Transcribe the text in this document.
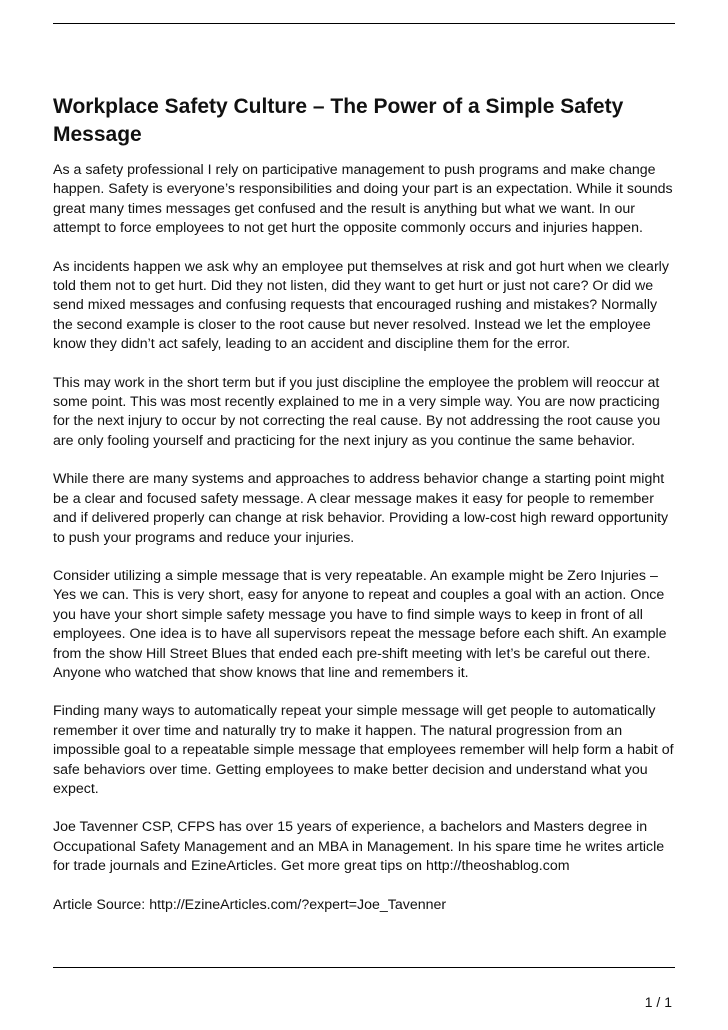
Workplace Safety Culture – The Power of a Simple Safety Message

As a safety professional I rely on participative management to push programs and make change happen. Safety is everyone’s responsibilities and doing your part is an expectation. While it sounds great many times messages get confused and the result is anything but what we want. In our attempt to force employees to not get hurt the opposite commonly occurs and injuries happen.

As incidents happen we ask why an employee put themselves at risk and got hurt when we clearly told them not to get hurt. Did they not listen, did they want to get hurt or just not care? Or did we send mixed messages and confusing requests that encouraged rushing and mistakes? Normally the second example is closer to the root cause but never resolved. Instead we let the employee know they didn’t act safely, leading to an accident and discipline them for the error.

This may work in the short term but if you just discipline the employee the problem will reoccur at some point. This was most recently explained to me in a very simple way. You are now practicing for the next injury to occur by not correcting the real cause. By not addressing the root cause you are only fooling yourself and practicing for the next injury as you continue the same behavior.

While there are many systems and approaches to address behavior change a starting point might be a clear and focused safety message. A clear message makes it easy for people to remember and if delivered properly can change at risk behavior. Providing a low-cost high reward opportunity to push your programs and reduce your injuries.

Consider utilizing a simple message that is very repeatable. An example might be Zero Injuries – Yes we can. This is very short, easy for anyone to repeat and couples a goal with an action. Once you have your short simple safety message you have to find simple ways to keep in front of all employees. One idea is to have all supervisors repeat the message before each shift. An example from the show Hill Street Blues that ended each pre-shift meeting with let’s be careful out there. Anyone who watched that show knows that line and remembers it.

Finding many ways to automatically repeat your simple message will get people to automatically remember it over time and naturally try to make it happen. The natural progression from an impossible goal to a repeatable simple message that employees remember will help form a habit of safe behaviors over time. Getting employees to make better decision and understand what you expect.

Joe Tavenner CSP, CFPS has over 15 years of experience, a bachelors and Masters degree in Occupational Safety Management and an MBA in Management. In his spare time he writes article for trade journals and EzineArticles. Get more great tips on http://theoshablog.com

Article Source: http://EzineArticles.com/?expert=Joe_Tavenner

1 / 1
